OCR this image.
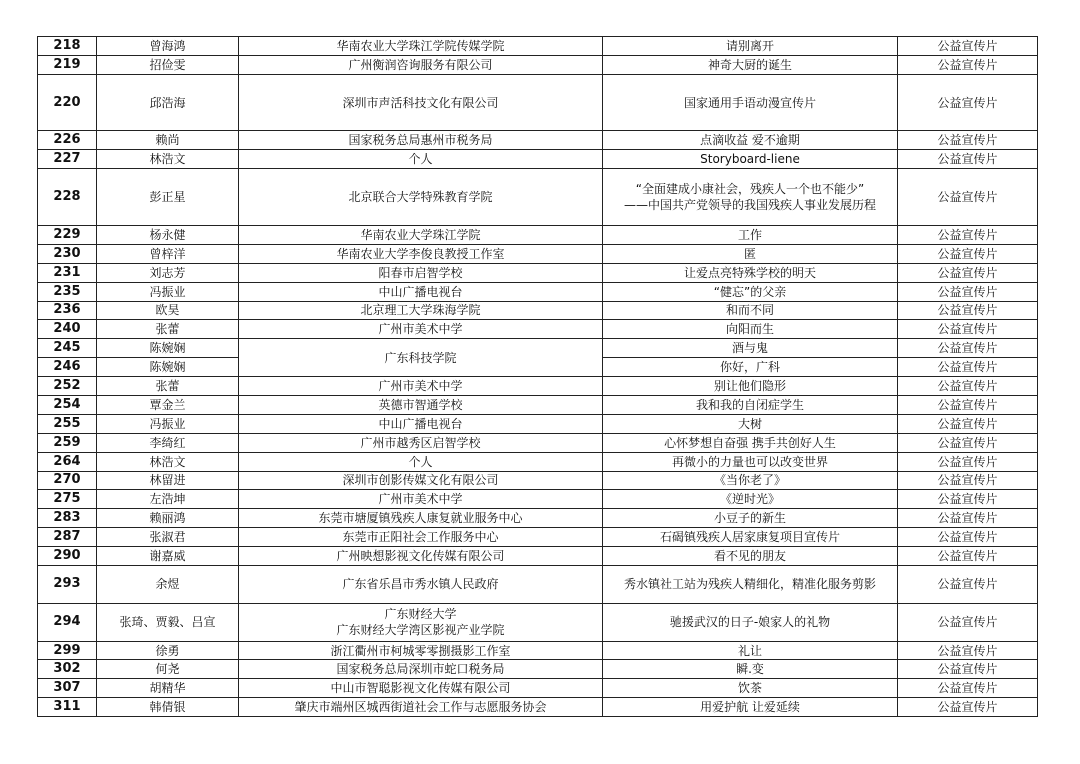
218	曾海鸿	华南农业大学珠江学院传媒学院	请别离开	公益宣传片
219	招俭雯	广州衡润咨询服务有限公司	神奇大厨的诞生	公益宣传片
220	邱浩海	深圳市声活科技文化有限公司	国家通用手语动漫宣传片	公益宣传片
226	赖尚	国家税务总局惠州市税务局	点滴收益 爱不逾期	公益宣传片
227	林浩文	个人	Storyboard-liene	公益宣传片
228	彭正星	北京联合大学特殊教育学院	“全面建成小康社会，残疾人一个也不能少”
——中国共产党领导的我国残疾人事业发展历程	公益宣传片
229	杨永健	华南农业大学珠江学院	工作	公益宣传片
230	曾梓洋	华南农业大学李俊良教授工作室	匿	公益宣传片
231	刘志芳	阳春市启智学校	让爱点亮特殊学校的明天	公益宣传片
235	冯振业	中山广播电视台	“健忘”的父亲	公益宣传片
236	欧昊	北京理工大学珠海学院	和而不同	公益宣传片
240	张蕾	广州市美术中学	向阳而生	公益宣传片
245	陈婉娴	广东科技学院	酒与鬼	公益宣传片
246	陈婉娴		你好，广科	公益宣传片
252	张蕾	广州市美术中学	别让他们隐形	公益宣传片
254	覃金兰	英德市智通学校	我和我的自闭症学生	公益宣传片
255	冯振业	中山广播电视台	大树	公益宣传片
259	李绮红	广州市越秀区启智学校	心怀梦想自奋强 携手共创好人生	公益宣传片
264	林浩文	个人	再微小的力量也可以改变世界	公益宣传片
270	林留进	深圳市创影传媒文化有限公司	《当你老了》	公益宣传片
275	左浩坤	广州市美术中学	《逆时光》	公益宣传片
283	赖丽鸿	东莞市塘厦镇残疾人康复就业服务中心	小豆子的新生	公益宣传片
287	张淑君	东莞市正阳社会工作服务中心	石碣镇残疾人居家康复项目宣传片	公益宣传片
290	谢嘉威	广州映想影视文化传媒有限公司	看不见的朋友	公益宣传片
293	余煜	广东省乐昌市秀水镇人民政府	秀水镇社工站为残疾人精细化，精准化服务剪影	公益宣传片
294	张琦、贾毅、吕宣	广东财经大学
广东财经大学湾区影视产业学院	驰援武汉的日子-娘家人的礼物	公益宣传片
299	徐勇	浙江衢州市柯城零零捌摄影工作室	礼让	公益宣传片
302	何尧	国家税务总局深圳市蛇口税务局	瞬.变	公益宣传片
307	胡精华	中山市智聪影视文化传媒有限公司	饮茶	公益宣传片
311	韩倩银	肇庆市端州区城西街道社会工作与志愿服务协会	用爱护航 让爱延续	公益宣传片
